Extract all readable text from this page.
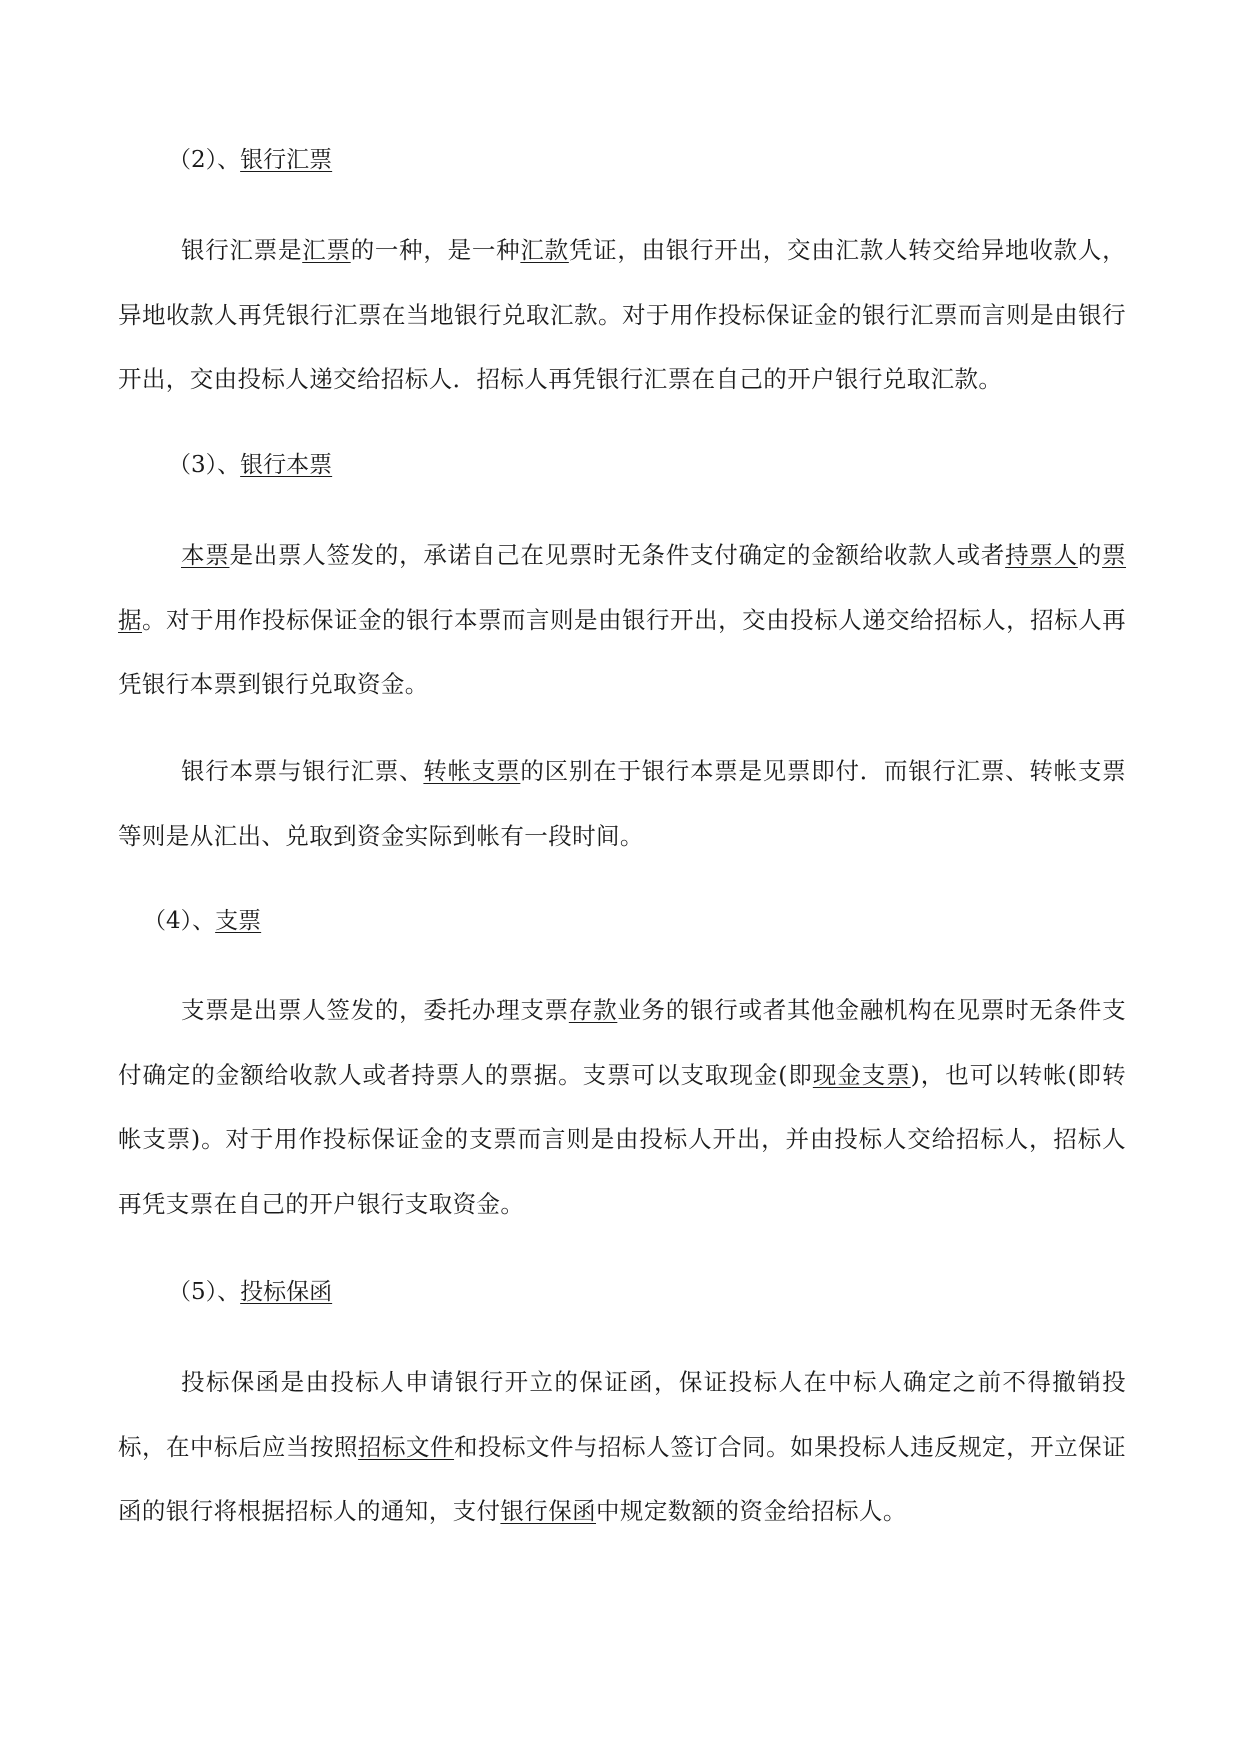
（2）、银行汇票

银行汇票是汇票的一种，是一种汇款凭证，由银行开出，交由汇款人转交给异地收款人，异地收款人再凭银行汇票在当地银行兑取汇款。对于用作投标保证金的银行汇票而言则是由银行开出，交由投标人递交给招标人．招标人再凭银行汇票在自己的开户银行兑取汇款。

（3）、银行本票

本票是出票人签发的，承诺自己在见票时无条件支付确定的金额给收款人或者持票人的票据。对于用作投标保证金的银行本票而言则是由银行开出，交由投标人递交给招标人，招标人再凭银行本票到银行兑取资金。

银行本票与银行汇票、转帐支票的区别在于银行本票是见票即付．而银行汇票、转帐支票等则是从汇出、兑取到资金实际到帐有一段时间。

（4）、支票

支票是出票人签发的，委托办理支票存款业务的银行或者其他金融机构在见票时无条件支付确定的金额给收款人或者持票人的票据。支票可以支取现金(即现金支票)，也可以转帐(即转帐支票)。对于用作投标保证金的支票而言则是由投标人开出，并由投标人交给招标人，招标人再凭支票在自己的开户银行支取资金。

（5）、投标保函

投标保函是由投标人申请银行开立的保证函，保证投标人在中标人确定之前不得撤销投标，在中标后应当按照招标文件和投标文件与招标人签订合同。如果投标人违反规定，开立保证函的银行将根据招标人的通知，支付银行保函中规定数额的资金给招标人。
